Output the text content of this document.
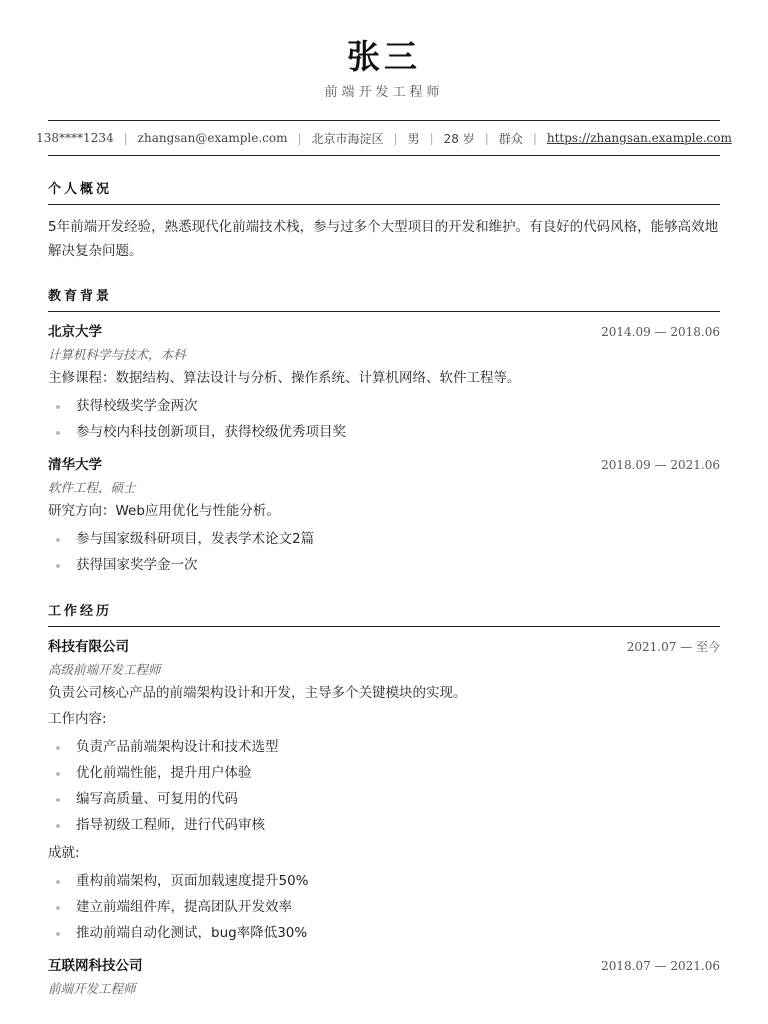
张三
前端开发工程师
138****1234 | zhangsan@example.com | 北京市海淀区 | 男 | 28 岁 | 群众 | https://zhangsan.example.com
个人概况
5年前端开发经验，熟悉现代化前端技术栈，参与过多个大型项目的开发和维护。有良好的代码风格，能够高效地解决复杂问题。
教育背景
北京大学	2014.09 — 2018.06
计算机科学与技术，本科
主修课程：数据结构、算法设计与分析、操作系统、计算机网络、软件工程等。
获得校级奖学金两次
参与校内科技创新项目，获得校级优秀项目奖
清华大学	2018.09 — 2021.06
软件工程，硕士
研究方向：Web应用优化与性能分析。
参与国家级科研项目，发表学术论文2篇
获得国家奖学金一次
工作经历
科技有限公司	2021.07 — 至今
高级前端开发工程师
负责公司核心产品的前端架构设计和开发，主导多个关键模块的实现。
工作内容:
负责产品前端架构设计和技术选型
优化前端性能，提升用户体验
编写高质量、可复用的代码
指导初级工程师，进行代码审核
成就:
重构前端架构，页面加载速度提升50%
建立前端组件库，提高团队开发效率
推动前端自动化测试，bug率降低30%
互联网科技公司	2018.07 — 2021.06
前端开发工程师
